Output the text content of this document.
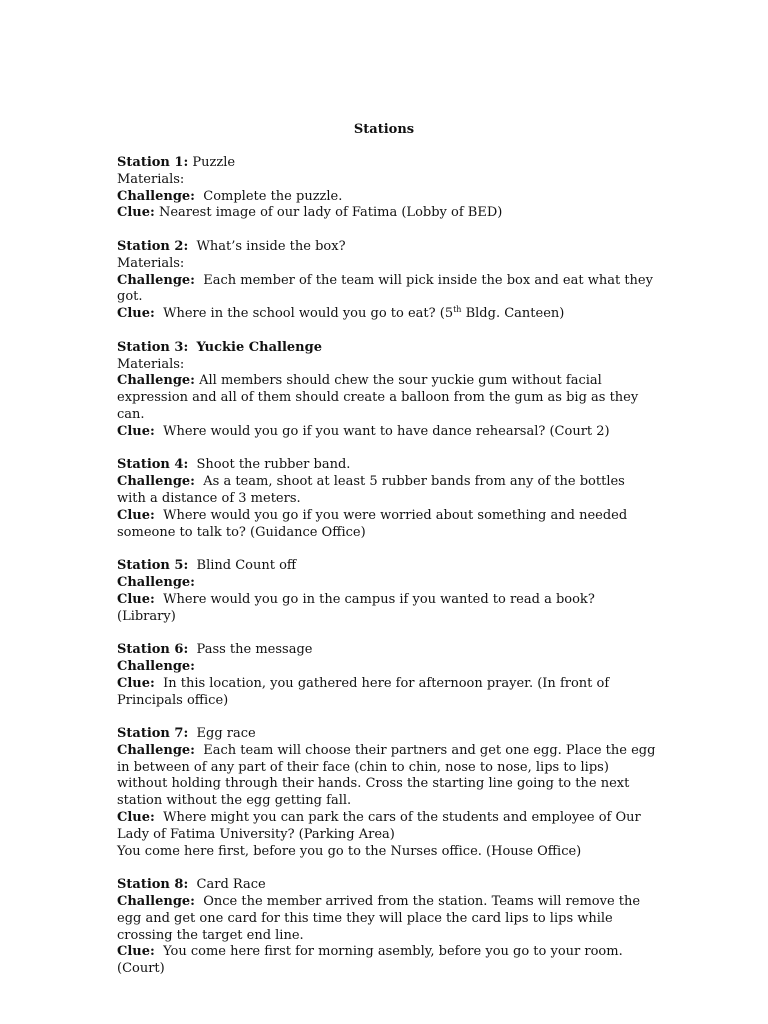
Stations
Station 1: Puzzle
Materials:
Challenge: Complete the puzzle.
Clue: Nearest image of our lady of Fatima (Lobby of BED)
Station 2: What’s inside the box?
Materials:
Challenge: Each member of the team will pick inside the box and eat what they got.
Clue: Where in the school would you go to eat? (5th Bldg. Canteen)
Station 3: Yuckie Challenge
Materials:
Challenge: All members should chew the sour yuckie gum without facial expression and all of them should create a balloon from the gum as big as they can.
Clue: Where would you go if you want to have dance rehearsal? (Court 2)
Station 4: Shoot the rubber band.
Challenge: As a team, shoot at least 5 rubber bands from any of the bottles with a distance of 3 meters.
Clue: Where would you go if you were worried about something and needed someone to talk to? (Guidance Office)
Station 5: Blind Count off
Challenge:
Clue: Where would you go in the campus if you wanted to read a book? (Library)
Station 6: Pass the message
Challenge:
Clue: In this location, you gathered here for afternoon prayer. (In front of Principals office)
Station 7: Egg race
Challenge: Each team will choose their partners and get one egg. Place the egg in between of any part of their face (chin to chin, nose to nose, lips to lips) without holding through their hands. Cross the starting line going to the next station without the egg getting fall.
Clue: Where might you can park the cars of the students and employee of Our Lady of Fatima University? (Parking Area)
You come here first, before you go to the Nurses office. (House Office)
Station 8: Card Race
Challenge: Once the member arrived from the station. Teams will remove the egg and get one card for this time they will place the card lips to lips while crossing the target end line.
Clue: You come here first for morning asembly, before you go to your room. (Court)
